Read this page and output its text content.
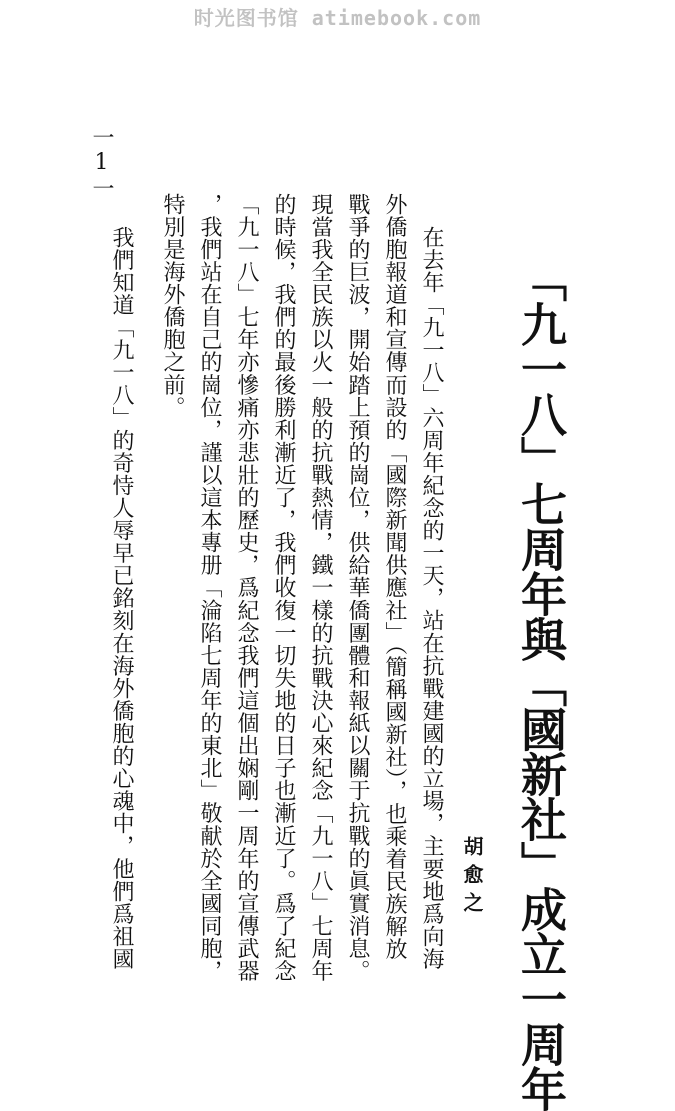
时光图书馆 atimebook.com
「九一八」七周年與「國新社」成立一周年
胡愈之
在去年「九一八」六周年紀念的一天，站在抗戰建國的立場，主要地爲向海
外僑胞報道和宣傳而設的「國際新聞供應社」（簡稱國新社），也乘着民族解放
戰爭的巨波，開始踏上預的崗位，供給華僑團體和報紙以關于抗戰的眞實消息。
現當我全民族以火一般的抗戰熱情，鐵一樣的抗戰決心來紀念「九一八」七周年
的時候，我們的最後勝利漸近了，我們收復一切失地的日子也漸近了。爲了紀念
「九一八」七年亦慘痛亦悲壯的歷史，爲紀念我們這個出娴剛一周年的宣傳武器
，我們站在自己的崗位，謹以這本專册「淪陷七周年的東北」敬献於全國同胞，
特別是海外僑胞之前。
我們知道「九一八」的奇恃人辱早已銘刻在海外僑胞的心魂中，他們爲祖國
一1一
